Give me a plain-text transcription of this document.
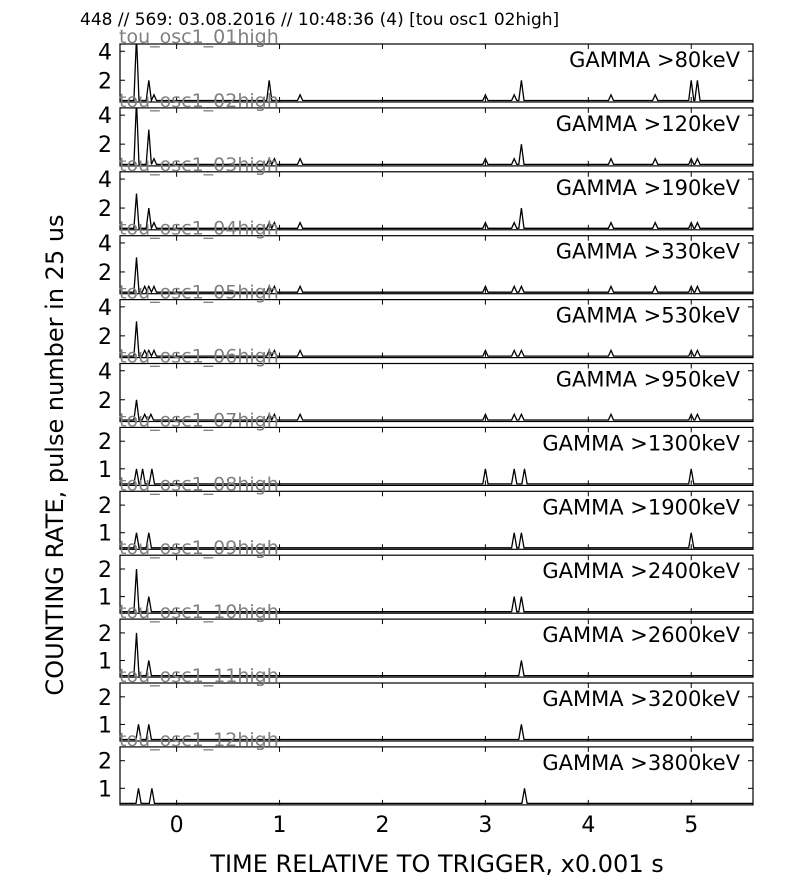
448 // 569: 03.08.2016 // 10:48:36 (4) [tou osc1 02high]
COUNTING RATE, pulse number in 25 us
TIME RELATIVE TO TRIGGER, x0.001 s
2
4	GAMMA >80keV
tou_osc1_01high
2
4	GAMMA >120keV
tou_osc1_02high
2
4	GAMMA >190keV
tou_osc1_03high
2
4	GAMMA >330keV
tou_osc1_04high
2
4	GAMMA >530keV
tou_osc1_05high
2
4	GAMMA >950keV
tou_osc1_06high
1
2	GAMMA >1300keV
tou_osc1_07high
1
2	GAMMA >1900keV
tou_osc1_08high
1
2	GAMMA >2400keV
tou_osc1_09high
1
2	GAMMA >2600keV
tou_osc1_10high
1
2	GAMMA >3200keV
tou_osc1_11high
1
2	GAMMA >3800keV
tou_osc1_12high
0	1	2	3	4	5
